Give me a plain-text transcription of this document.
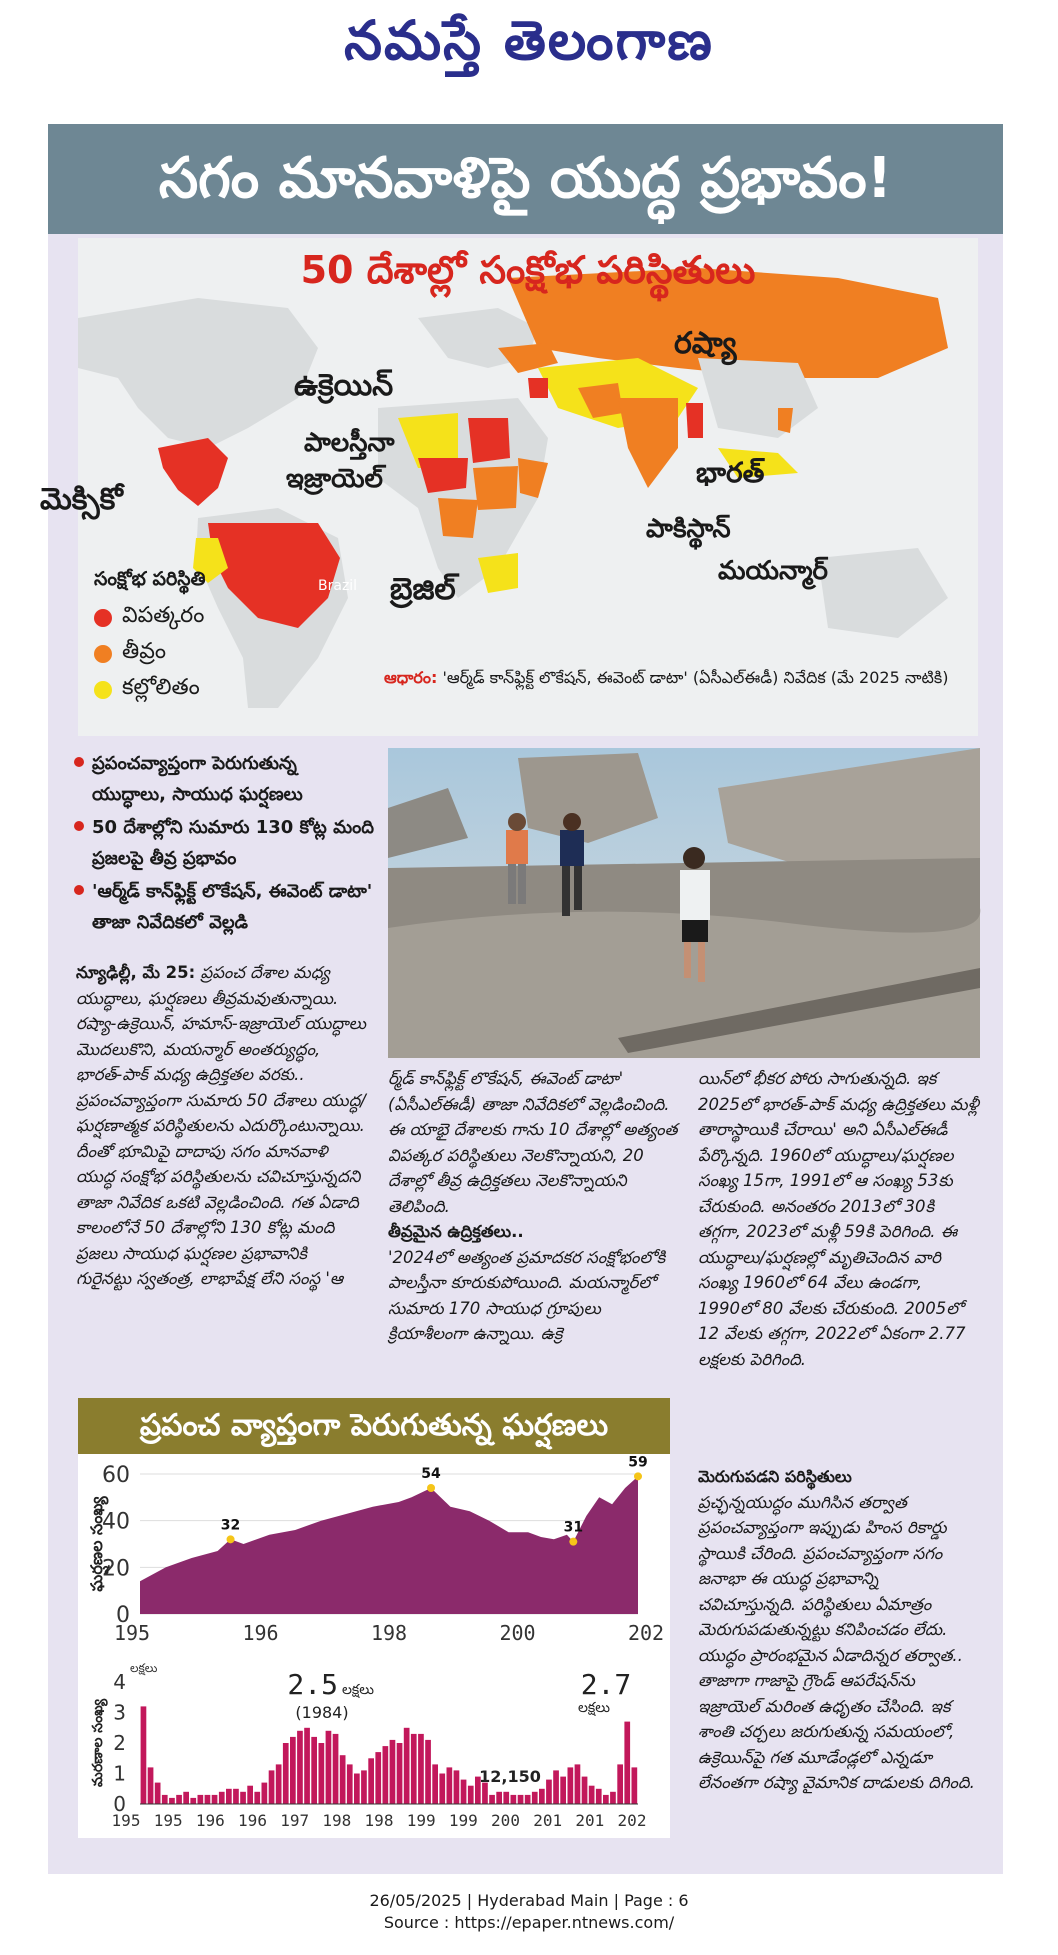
నమస్తే తెలంగాణ
సగం మానవాళిపై యుద్ధ ప్రభావం!
50 దేశాల్లో సంక్షోభ పరిస్థితులు
రష్యా
ఉక్రెయిన్
పాలస్తీనా
ఇజ్రాయెల్
మెక్సికో
భారత్
పాకిస్థాన్
మయన్మార్
బ్రెజిల్
Brazil
సంక్షోభ పరిస్థితి
విపత్కరం
తీవ్రం
కల్లోలితం	ఆధారం: 'ఆర్మ్‌డ్ కాన్‌ఫ్లిక్ట్ లొకేషన్, ఈవెంట్ డాటా' (ఏసీఎల్ఈడీ) నివేదిక (మే 2025 నాటికి)
ప్రపంచవ్యాప్తంగా పెరుగుతున్న యుద్ధాలు, సాయుధ ఘర్షణలు
50 దేశాల్లోని సుమారు 130 కోట్ల మంది ప్రజలపై తీవ్ర ప్రభావం
'ఆర్మ్‌డ్ కాన్‌ఫ్లిక్ట్ లొకేషన్, ఈవెంట్ డాటా' తాజా నివేదికలో వెల్లడి
న్యూఢిల్లీ, మే 25: ప్రపంచ దేశాల మధ్య యుద్ధాలు, ఘర్షణలు తీవ్రమవుతున్నాయి. రష్యా-ఉక్రెయిన్, హమాస్-ఇజ్రాయెల్ యుద్ధాలు మొదలుకొని, మయన్మార్ అంతర్యుద్ధం, భారత్-పాక్ మధ్య ఉద్రిక్తతల వరకు.. ప్రపంచవ్యాప్తంగా సుమారు 50 దేశాలు యుద్ధ/ఘర్షణాత్మక పరిస్థితులను ఎదుర్కొంటున్నాయి. దీంతో భూమిపై దాదాపు సగం మానవాళి యుద్ధ సంక్షోభ పరిస్థితులను చవిచూస్తున్నదని తాజా నివేదిక ఒకటి వెల్లడించింది. గత ఏడాది కాలంలోనే 50 దేశాల్లోని 130 కోట్ల మంది ప్రజలు సాయుధ ఘర్షణల ప్రభావానికి గురైనట్టు స్వతంత్ర, లాభాపేక్ష లేని సంస్థ 'ఆ
ర్మ్‌డ్ కాన్‌ఫ్లిక్ట్ లొకేషన్, ఈవెంట్ డాటా' (ఏసీఎల్ఈడీ) తాజా నివేదికలో వెల్లడించింది. ఈ యాభై దేశాలకు గాను 10 దేశాల్లో అత్యంత విపత్కర పరిస్థితులు నెలకొన్నాయని, 20 దేశాల్లో తీవ్ర ఉద్రిక్తతలు నెలకొన్నాయని తెలిపింది.
తీవ్రమైన ఉద్రిక్తతలు..
'2024లో అత్యంత ప్రమాదకర సంక్షోభంలోకి పాలస్తీనా కూరుకుపోయింది. మయన్మార్‌లో సుమారు 170 సాయుధ గ్రూపులు క్రియాశీలంగా ఉన్నాయి. ఉక్రె
యిన్‌లో భీకర పోరు సాగుతున్నది. ఇక 2025లో భారత్-పాక్ మధ్య ఉద్రిక్తతలు మళ్లీ తారాస్థాయికి చేరాయి' అని ఏసీఎల్ఈడీ పేర్కొన్నది. 1960లో యుద్ధాలు/ఘర్షణల సంఖ్య 15గా, 1991లో ఆ సంఖ్య 53కు చేరుకుంది. అనంతరం 2013లో 30కి తగ్గగా, 2023లో మళ్లీ 59కి పెరిగింది. ఈ యుద్ధాలు/ఘర్షణల్లో మృతిచెందిన వారి సంఖ్య 1960లో 64 వేలు ఉండగా, 1990లో 80 వేలకు చేరుకుంది. 2005లో 12 వేలకు తగ్గగా, 2022లో ఏకంగా 2.77 లక్షలకు పెరిగింది.
ప్రపంచ వ్యాప్తంగా పెరుగుతున్న ఘర్షణలు
0
20
40
60
195	196	198	200	202
32
54
31
59
ఘర్షణల సంఖ్య
0
1
2
3
4
లక్షలు
195 195 196 196 197 198 198 199 199 200 201 201 202
మరణాల సంఖ్య
2.5 లక్షలు
(1984)
12,150
2.7
లక్షలు
మెరుగుపడని పరిస్థితులు
ప్రచ్ఛన్నయుద్ధం ముగిసిన తర్వాత ప్రపంచవ్యాప్తంగా ఇప్పుడు హింస రికార్డు స్థాయికి చేరింది. ప్రపంచవ్యాప్తంగా సగం జనాభా ఈ యుద్ధ ప్రభావాన్ని చవిచూస్తున్నది. పరిస్థితులు ఏమాత్రం మెరుగుపడుతున్నట్టు కనిపించడం లేదు. యుద్ధం ప్రారంభమైన ఏడాదిన్నర తర్వాత.. తాజాగా గాజాపై గ్రౌండ్ ఆపరేషన్‌ను ఇజ్రాయెల్ మరింత ఉధృతం చేసింది. ఇక శాంతి చర్చలు జరుగుతున్న సమయంలో, ఉక్రెయిన్‌పై గత మూడేండ్లలో ఎన్నడూ లేనంతగా రష్యా వైమానిక దాడులకు దిగింది.
26/05/2025 | Hyderabad Main | Page : 6
Source : https://epaper.ntnews.com/
